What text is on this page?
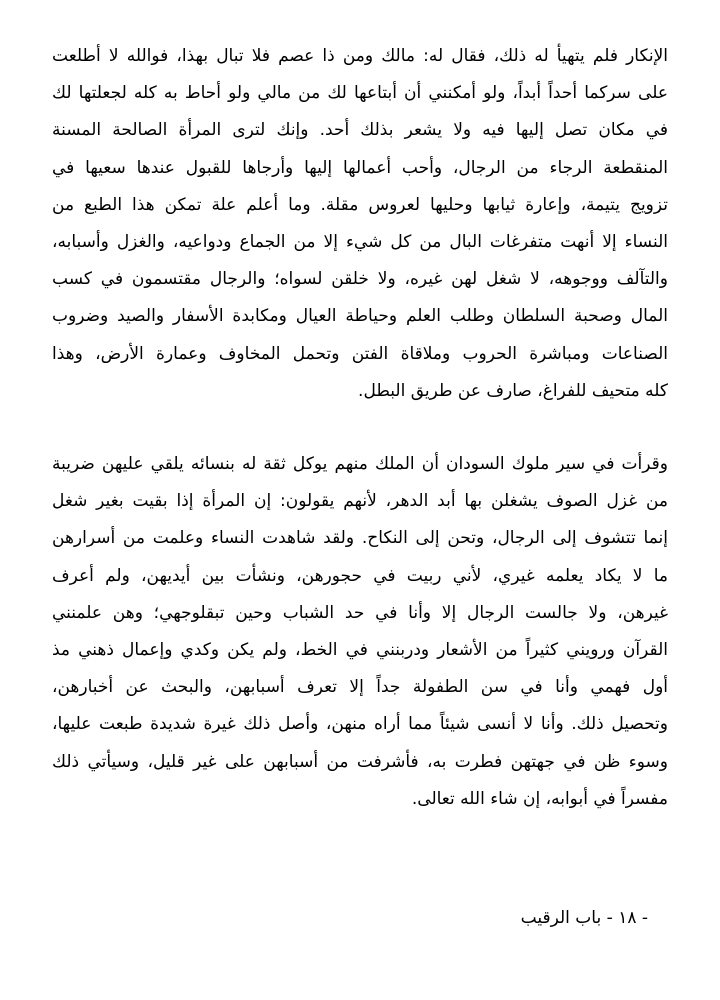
الإنكار فلم يتهيأ له ذلك، فقال له: مالك ومن ذا عصم فلا تبال بهذا، فوالله لا أطلعت
على سركما أحداً أبداً، ولو أمكنني أن أبتاعها لك من مالي ولو أحاط به كله لجعلتها لك
في مكان تصل إليها فيه ولا يشعر بذلك أحد. وإنك لترى المرأة الصالحة المسنة
المنقطعة الرجاء من الرجال، وأحب أعمالها إليها وأرجاها للقبول عندها سعيها في
تزويج يتيمة، وإعارة ثيابها وحليها لعروس مقلة. وما أعلم علة تمكن هذا الطبع من
النساء إلا أنهت متفرغات البال من كل شيء إلا من الجماع ودواعيه، والغزل وأسبابه،
والتآلف ووجوهه، لا شغل لهن غيره، ولا خلقن لسواه؛ والرجال مقتسمون في كسب
المال وصحبة السلطان وطلب العلم وحياطة العيال ومكابدة الأسفار والصيد وضروب
الصناعات ومباشرة الحروب وملاقاة الفتن وتحمل المخاوف وعمارة الأرض، وهذا
كله متحيف للفراغ، صارف عن طريق البطل.
وقرأت في سير ملوك السودان أن الملك منهم يوكل ثقة له بنسائه يلقي عليهن ضريبة
من غزل الصوف يشغلن بها أبد الدهر، لأنهم يقولون: إن المرأة إذا بقيت بغير شغل
إنما تتشوف إلى الرجال، وتحن إلى النكاح. ولقد شاهدت النساء وعلمت من أسرارهن
ما لا يكاد يعلمه غيري، لأني ربيت في حجورهن، ونشأت بين أيديهن، ولم أعرف
غيرهن، ولا جالست الرجال إلا وأنا في حد الشباب وحين تبقلوجهي؛ وهن علمنني
القرآن ورويني كثيراً من الأشعار ودربنني في الخط، ولم يكن وكدي وإعمال ذهني مذ
أول فهمي وأنا في سن الطفولة جداً إلا تعرف أسبابهن، والبحث عن أخبارهن،
وتحصيل ذلك. وأنا لا أنسى شيئاً مما أراه منهن، وأصل ذلك غيرة شديدة طبعت عليها،
وسوء ظن في جهتهن فطرت به، فأشرفت من أسبابهن على غير قليل، وسيأتي ذلك
مفسراً في أبوابه، إن شاء الله تعالى.
- ١٨ - باب الرقيب
